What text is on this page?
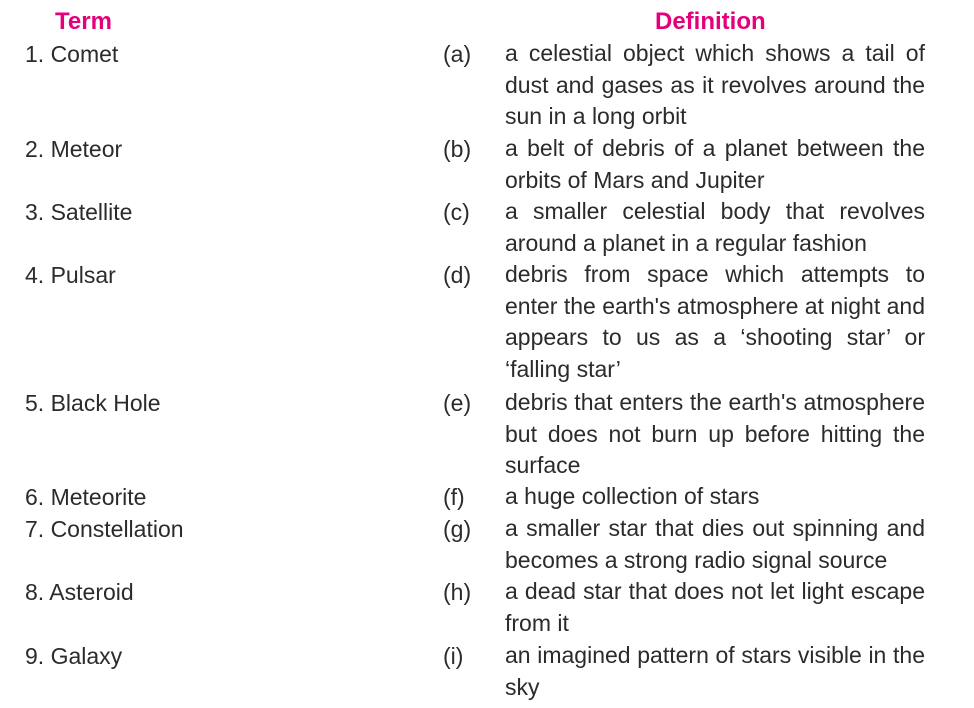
Term	Definition
1. Comet	(a) a celestial object which shows a tail of dust and gases as it revolves around the sun in a long orbit
2. Meteor	(b) a belt of debris of a planet between the orbits of Mars and Jupiter
3. Satellite	(c) a smaller celestial body that revolves around a planet in a regular fashion
4. Pulsar	(d) debris from space which attempts to enter the earth's atmosphere at night and appears to us as a ‘shooting star’ or ‘falling star’
5. Black Hole	(e) debris that enters the earth's atmosphere but does not burn up before hitting the surface
6. Meteorite	(f) a huge collection of stars
7. Constellation	(g) a smaller star that dies out spinning and becomes a strong radio signal source
8. Asteroid	(h) a dead star that does not let light escape from it
9. Galaxy	(i) an imagined pattern of stars visible in the sky
